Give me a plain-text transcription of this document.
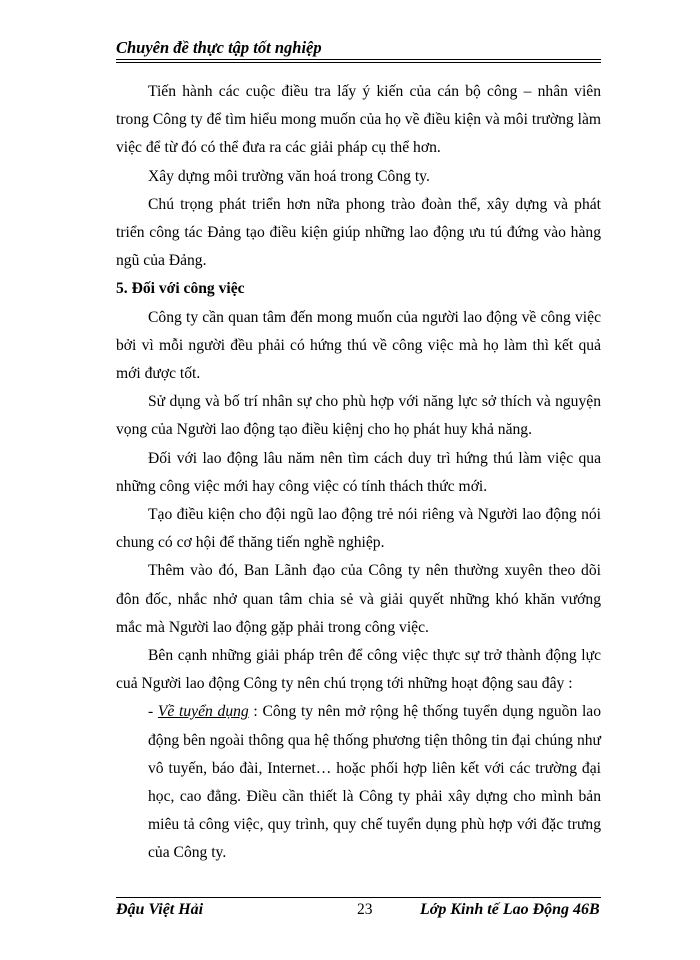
Chuyên đề thực tập tốt nghiệp

Tiến hành các cuộc điều tra lấy ý kiến của cán bộ công – nhân viên trong Công ty để tìm hiểu mong muốn của họ về điều kiện và môi trường làm việc để từ đó có thể đưa ra các giải pháp cụ thể hơn.

Xây dựng môi trường văn hoá trong Công ty.

Chú trọng phát triển hơn nữa phong trào đoàn thể, xây dựng và phát triển công tác Đảng tạo điều kiện giúp những lao động ưu tú đứng vào hàng ngũ của Đảng.

5. Đối với công việc

Công ty cần quan tâm đến mong muốn của người lao động về công việc bởi vì mỗi người đều phải có hứng thú về công việc mà họ làm thì kết quả mới được tốt.

Sử dụng và bố trí nhân sự cho phù hợp với năng lực sở thích và nguyện vọng của Người lao động tạo điều kiệnj cho họ phát huy khả năng.

Đối với lao động lâu năm nên tìm cách duy trì hứng thú làm việc qua những công việc mới hay công việc có tính thách thức mới.

Tạo điều kiện cho đội ngũ lao động trẻ nói riêng và Người lao động nói chung có cơ hội để thăng tiến nghề nghiệp.

Thêm vào đó, Ban Lãnh đạo của Công ty nên thường xuyên theo dõi đôn đốc, nhắc nhở quan tâm chia sẻ và giải quyết những khó khăn vướng mắc mà Người lao động gặp phải trong công việc.

Bên cạnh những giải pháp trên để công việc thực sự trở thành động lực cuả Người lao động Công ty nên chú trọng tới những hoạt động sau đây :

- Về tuyển dụng : Công ty nên mở rộng hệ thống tuyển dụng nguồn lao động bên ngoài thông qua hệ thống phương tiện thông tin đại chúng như vô tuyến, báo đài, Internet… hoặc phối hợp liên kết với các trường đại học, cao đẳng. Điều cần thiết là Công ty phải xây dựng cho mình bản miêu tả công việc, quy trình, quy chế tuyển dụng phù hợp với đặc trưng của Công ty.

Đậu Việt Hải	23	Lớp Kinh tế Lao Động 46B
